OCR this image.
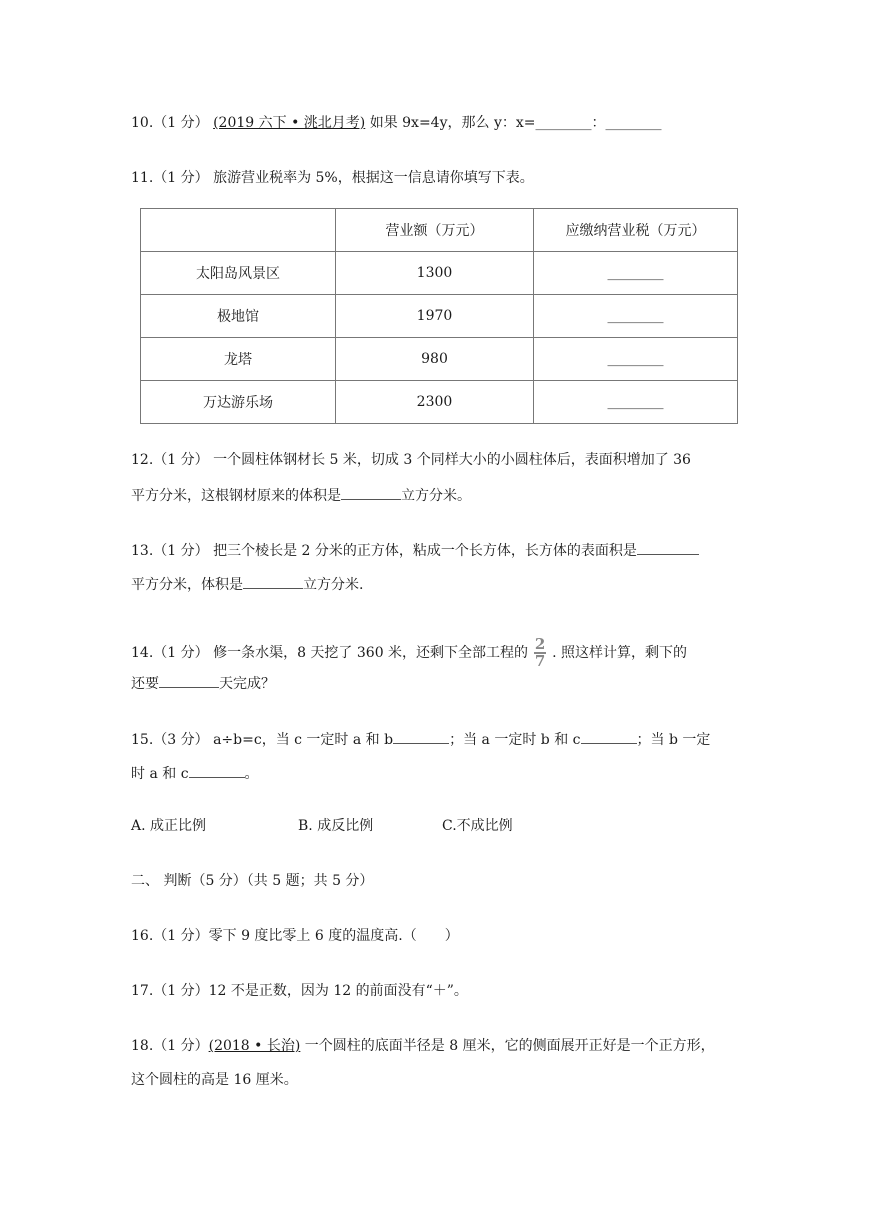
10.（1 分） (2019 六下 • 洮北月考) 如果 9x=4y，那么 y：x=________：________
11.（1 分） 旅游营业税率为 5%，根据这一信息请你填写下表。
	营业额（万元）	应缴纳营业税（万元）
太阳岛风景区	1300	________
极地馆	1970	________
龙塔	980	________
万达游乐场	2300	________
12.（1 分） 一个圆柱体钢材长 5 米，切成 3 个同样大小的小圆柱体后，表面积增加了 36
平方分米，这根钢材原来的体积是	立方分米。
13.（1 分） 把三个棱长是 2 分米的正方体，粘成一个长方体，长方体的表面积是
平方分米，体积是	立方分米.
14.（1 分） 修一条水渠，8 天挖了 360 米，还剩下全部工程的 $\frac{2}{7}$ . 照这样计算，剩下的
还要	天完成？
15.（3 分） a÷b=c，当 c 一定时 a 和 b	；当 a 一定时 b 和 c	；当 b 一定
时 a 和 c	。
A. 成正比例	B. 成反比例	C.不成比例
二、 判断（5 分）（共 5 题；共 5 分）
16.（1 分）零下 9 度比零上 6 度的温度高.（　　）
17.（1 分）12 不是正数，因为 12 的前面没有“＋”。
18.（1 分）(2018 • 长治) 一个圆柱的底面半径是 8 厘米，它的侧面展开正好是一个正方形，
这个圆柱的高是 16 厘米。
